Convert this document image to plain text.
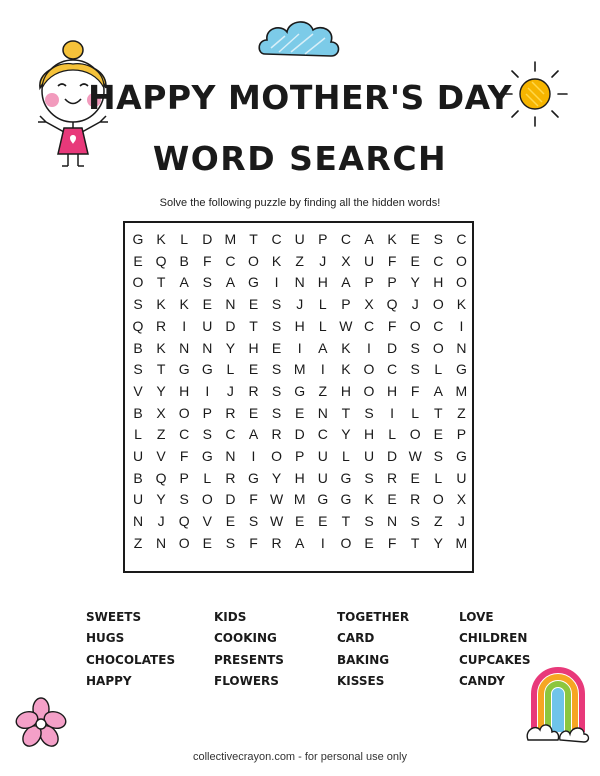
HAPPY MOTHER'S DAY
WORD SEARCH
Solve the following puzzle by finding all the hidden words!
G K	L	D M T C U P C A K E S C
E Q B	F C O K	Z	J	X U F	E C O
O T	A S A G	I	N H A P P Y H O
S K K E N E S	J	L	P X Q	J	O K
Q R	I	U D T	S H	L W C F O C	I
B K N N Y H E	I	A K	I	D S O N
S	T G G L	E S M	I	K O C S	L G
V Y H	I	J	R S G Z H O H F	A M
B X O P R E S E N T	S	I	L	T	Z
L	Z C S C A R D C Y H	L O E P
U V	F G N	I	O P U	L	U D W S G
B Q P	L	R G Y H U G S R E	L	U
U Y S O D F W M G G K E R O X
N	J	Q V E S W E E	T	S N S	Z	J
Z N O E S	F R A	I	O E	F	T	Y M
SWEETS
HUGS
CHOCOLATES
HAPPY
KIDS
COOKING
PRESENTS
FLOWERS
TOGETHER
CARD
BAKING
KISSES
LOVE
CHILDREN
CUPCAKES
CANDY
collectivecrayon.com - for personal use only
